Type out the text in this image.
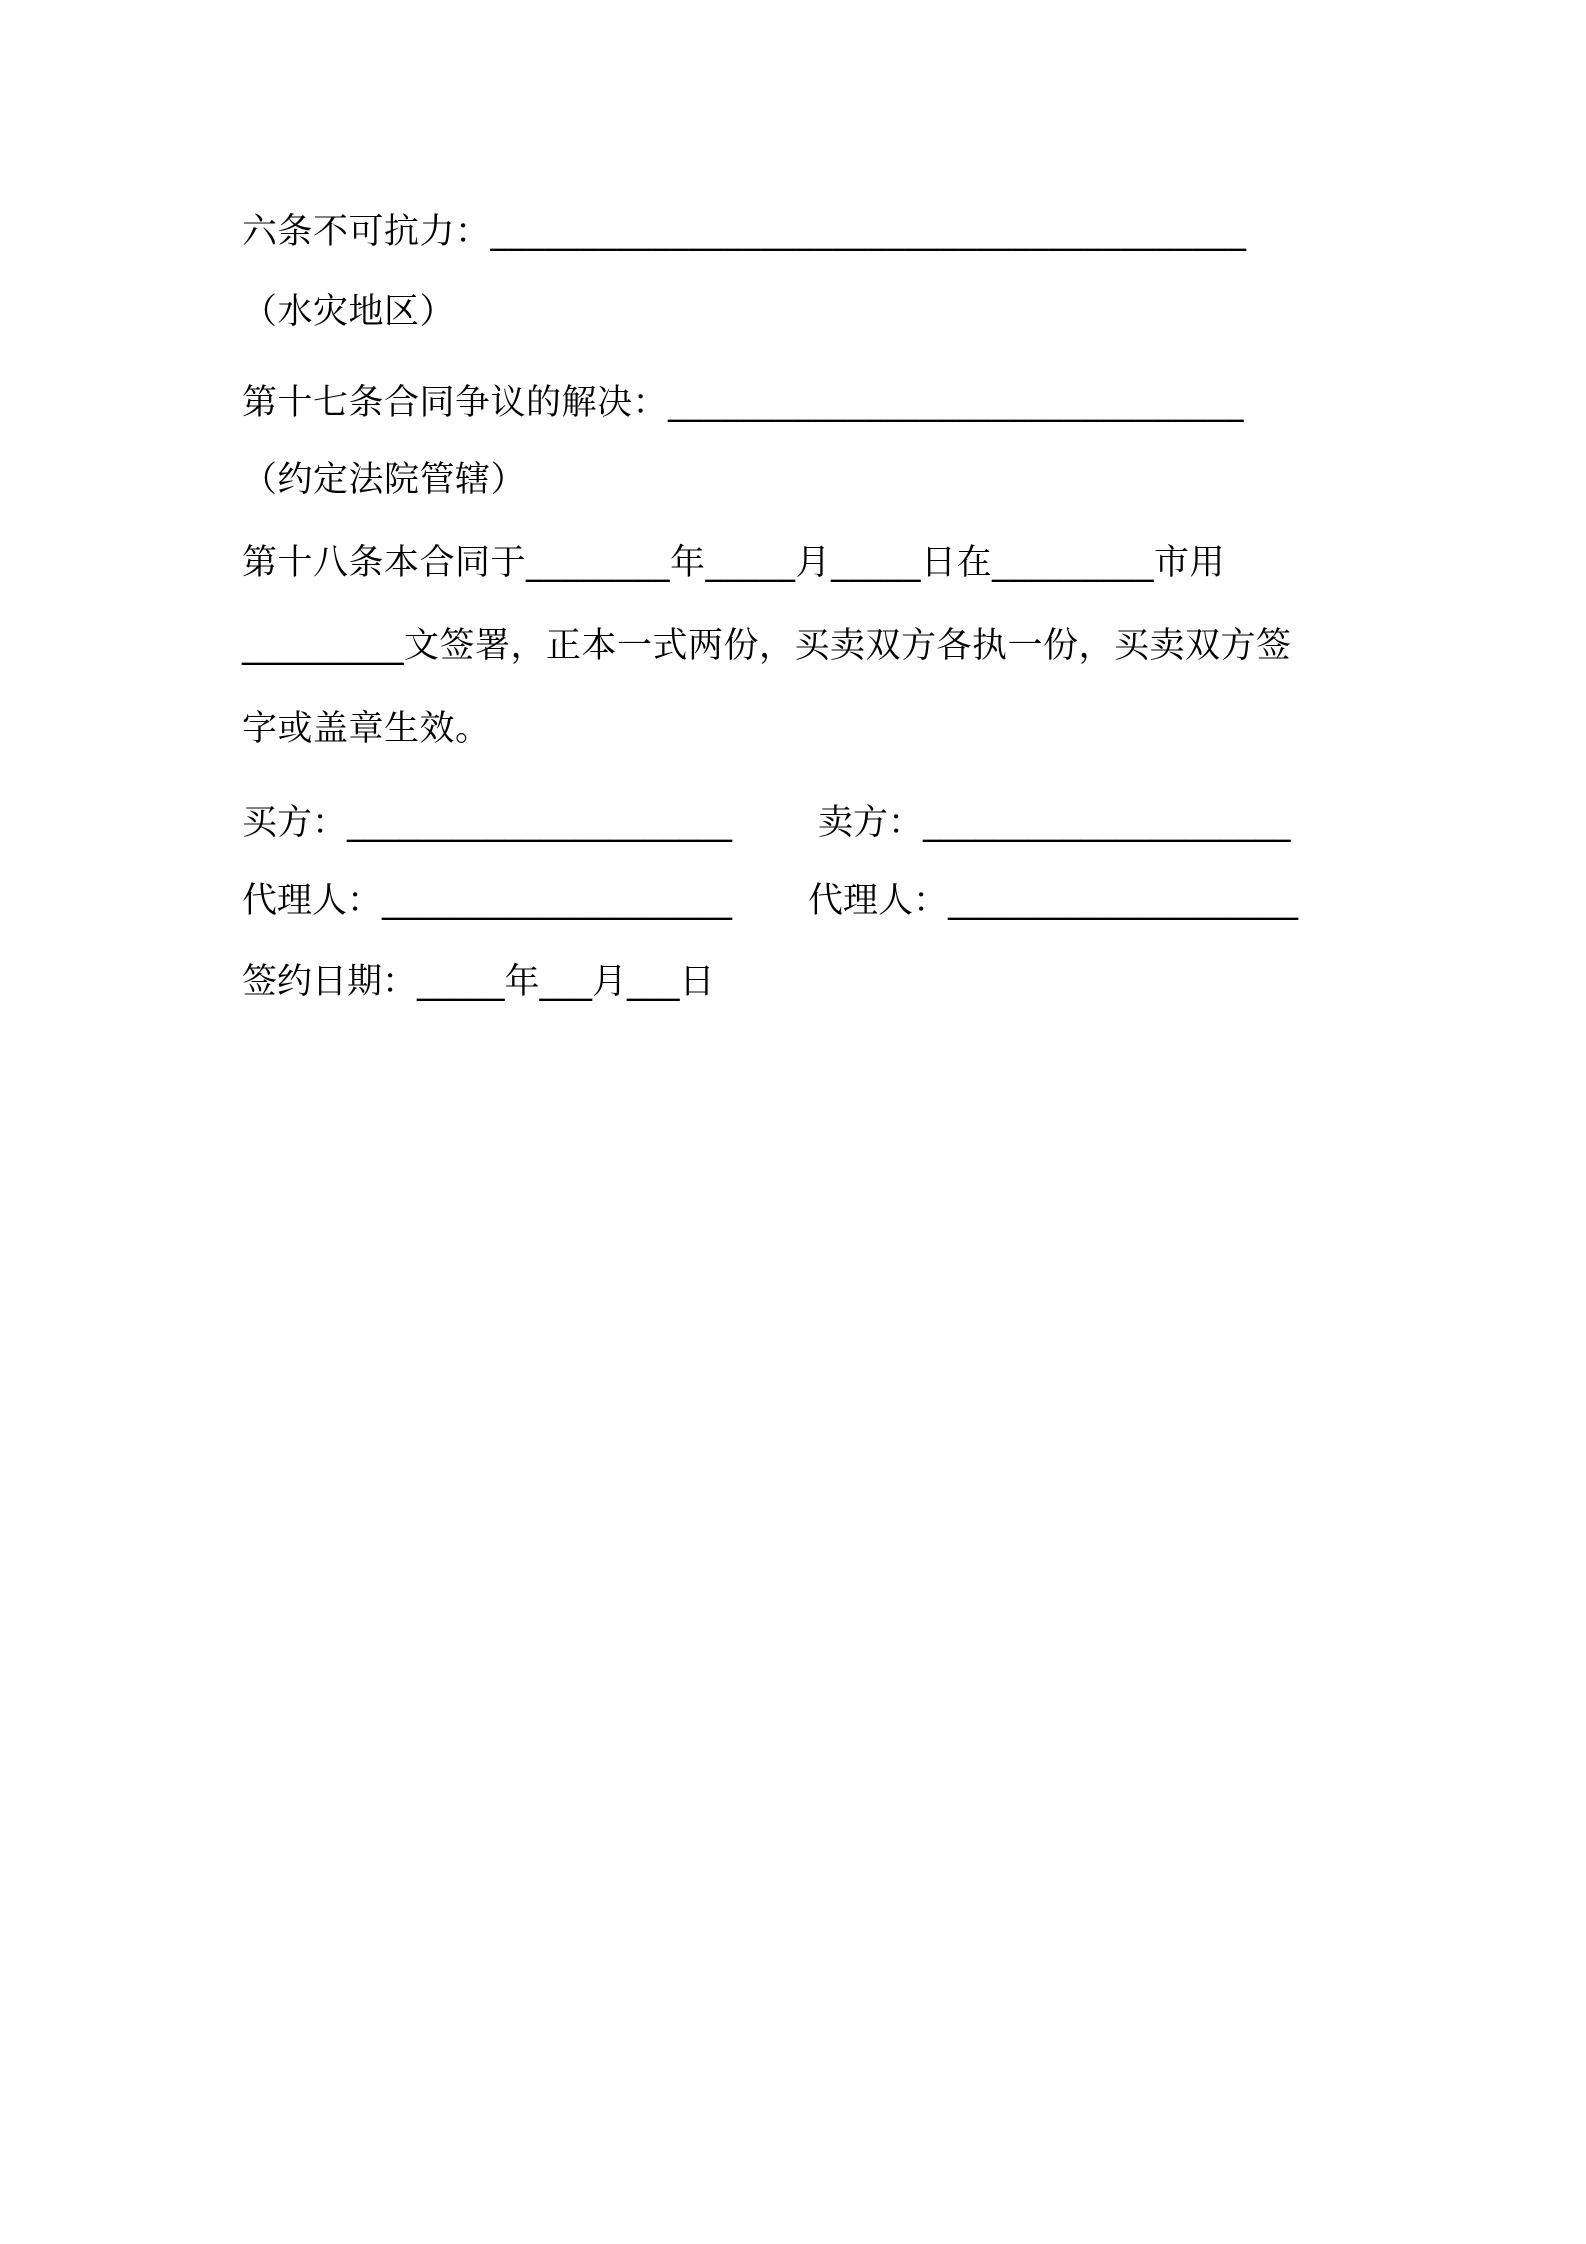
六条不可抗力：__________________________________________
（水灾地区）
第十七条合同争议的解决：________________________________
（约定法院管辖）
第十八条本合同于________年_____月_____日在_________市用
_________文签署，正本一式两份，买卖双方各执一份，买卖双方签
字或盖章生效。
买方：______________________ 卖方：_____________________
代理人：____________________ 代理人：____________________
签约日期：_____年___月___日
